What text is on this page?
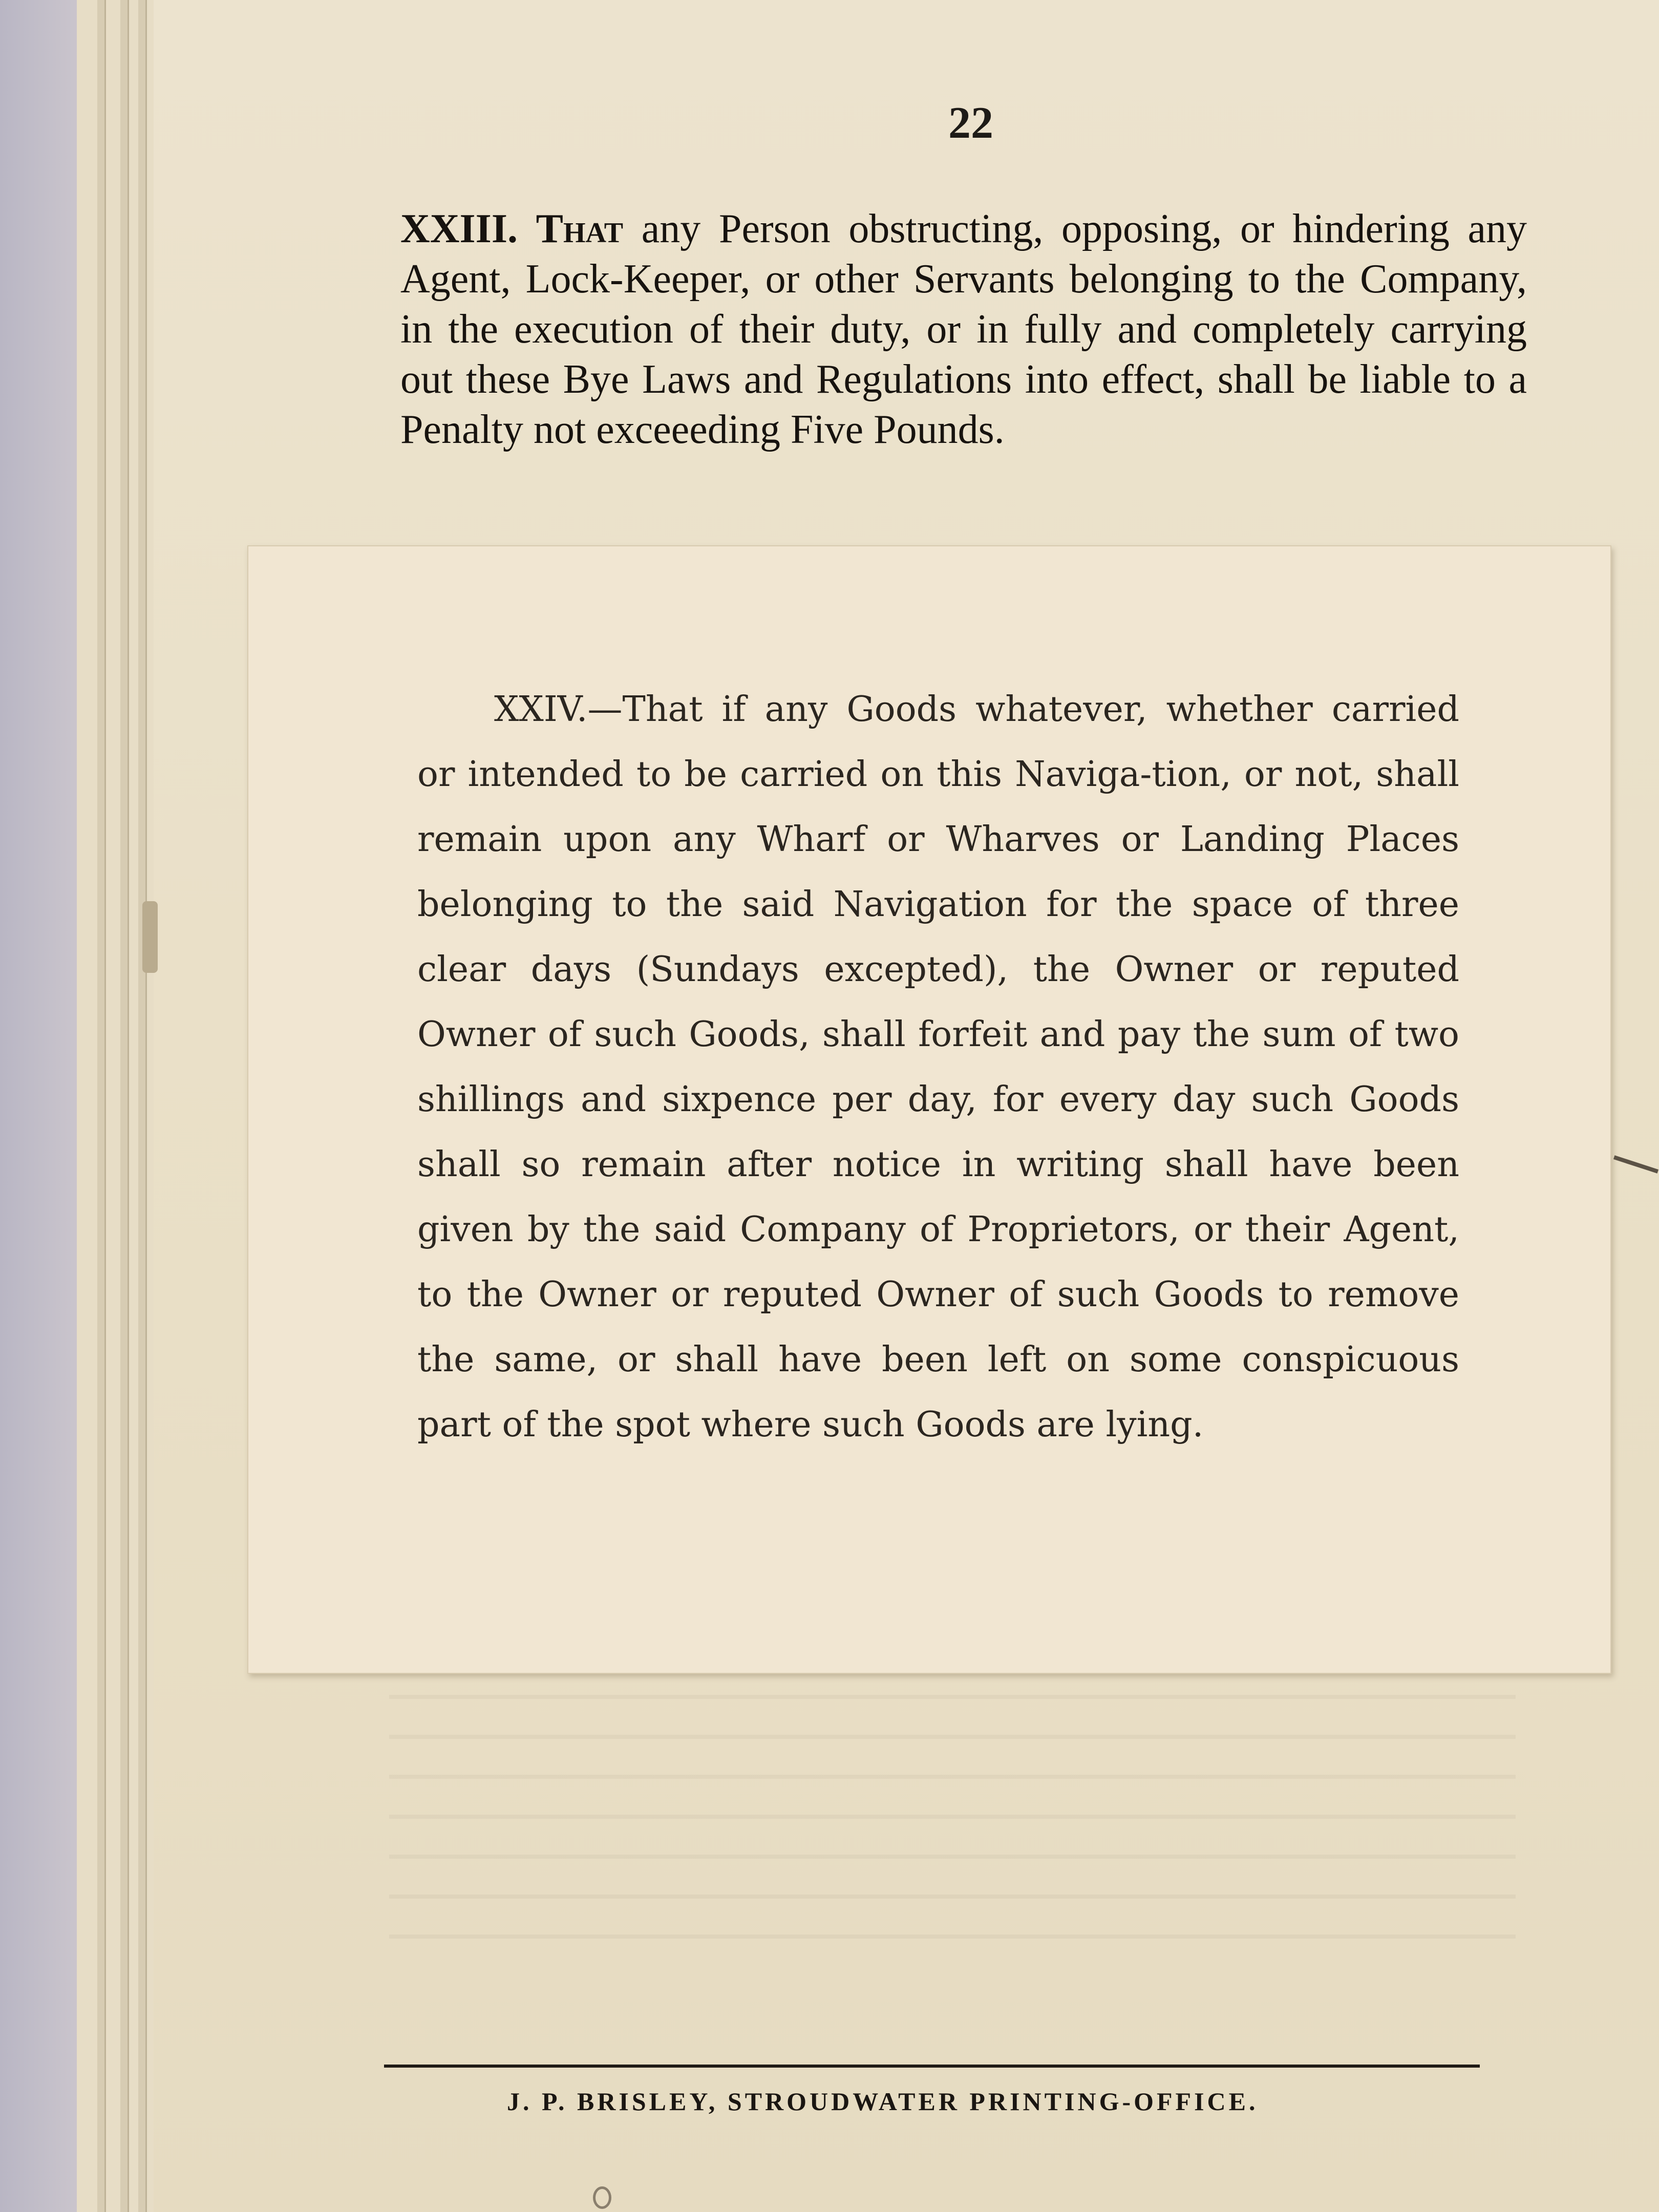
22
XXIII. That any Person obstructing, opposing, or hindering any Agent, Lock-Keeper, or other Servants belonging to the Company, in the execution of their duty, or in fully and completely carrying out these Bye Laws and Regulations into effect, shall be liable to a Penalty not exceeeding Five Pounds.
XXIV.—That if any Goods whatever, whether carried or intended to be carried on this Naviga-tion, or not, shall remain upon any Wharf or Wharves or Landing Places belonging to the said Navigation for the space of three clear days (Sundays excepted), the Owner or reputed Owner of such Goods, shall forfeit and pay the sum of two shillings and sixpence per day, for every day such Goods shall so remain after notice in writing shall have been given by the said Company of Proprietors, or their Agent, to the Owner or reputed Owner of such Goods to remove the same, or shall have been left on some conspicuous part of the spot where such Goods are lying.
J. P. BRISLEY, STROUDWATER PRINTING-OFFICE.
